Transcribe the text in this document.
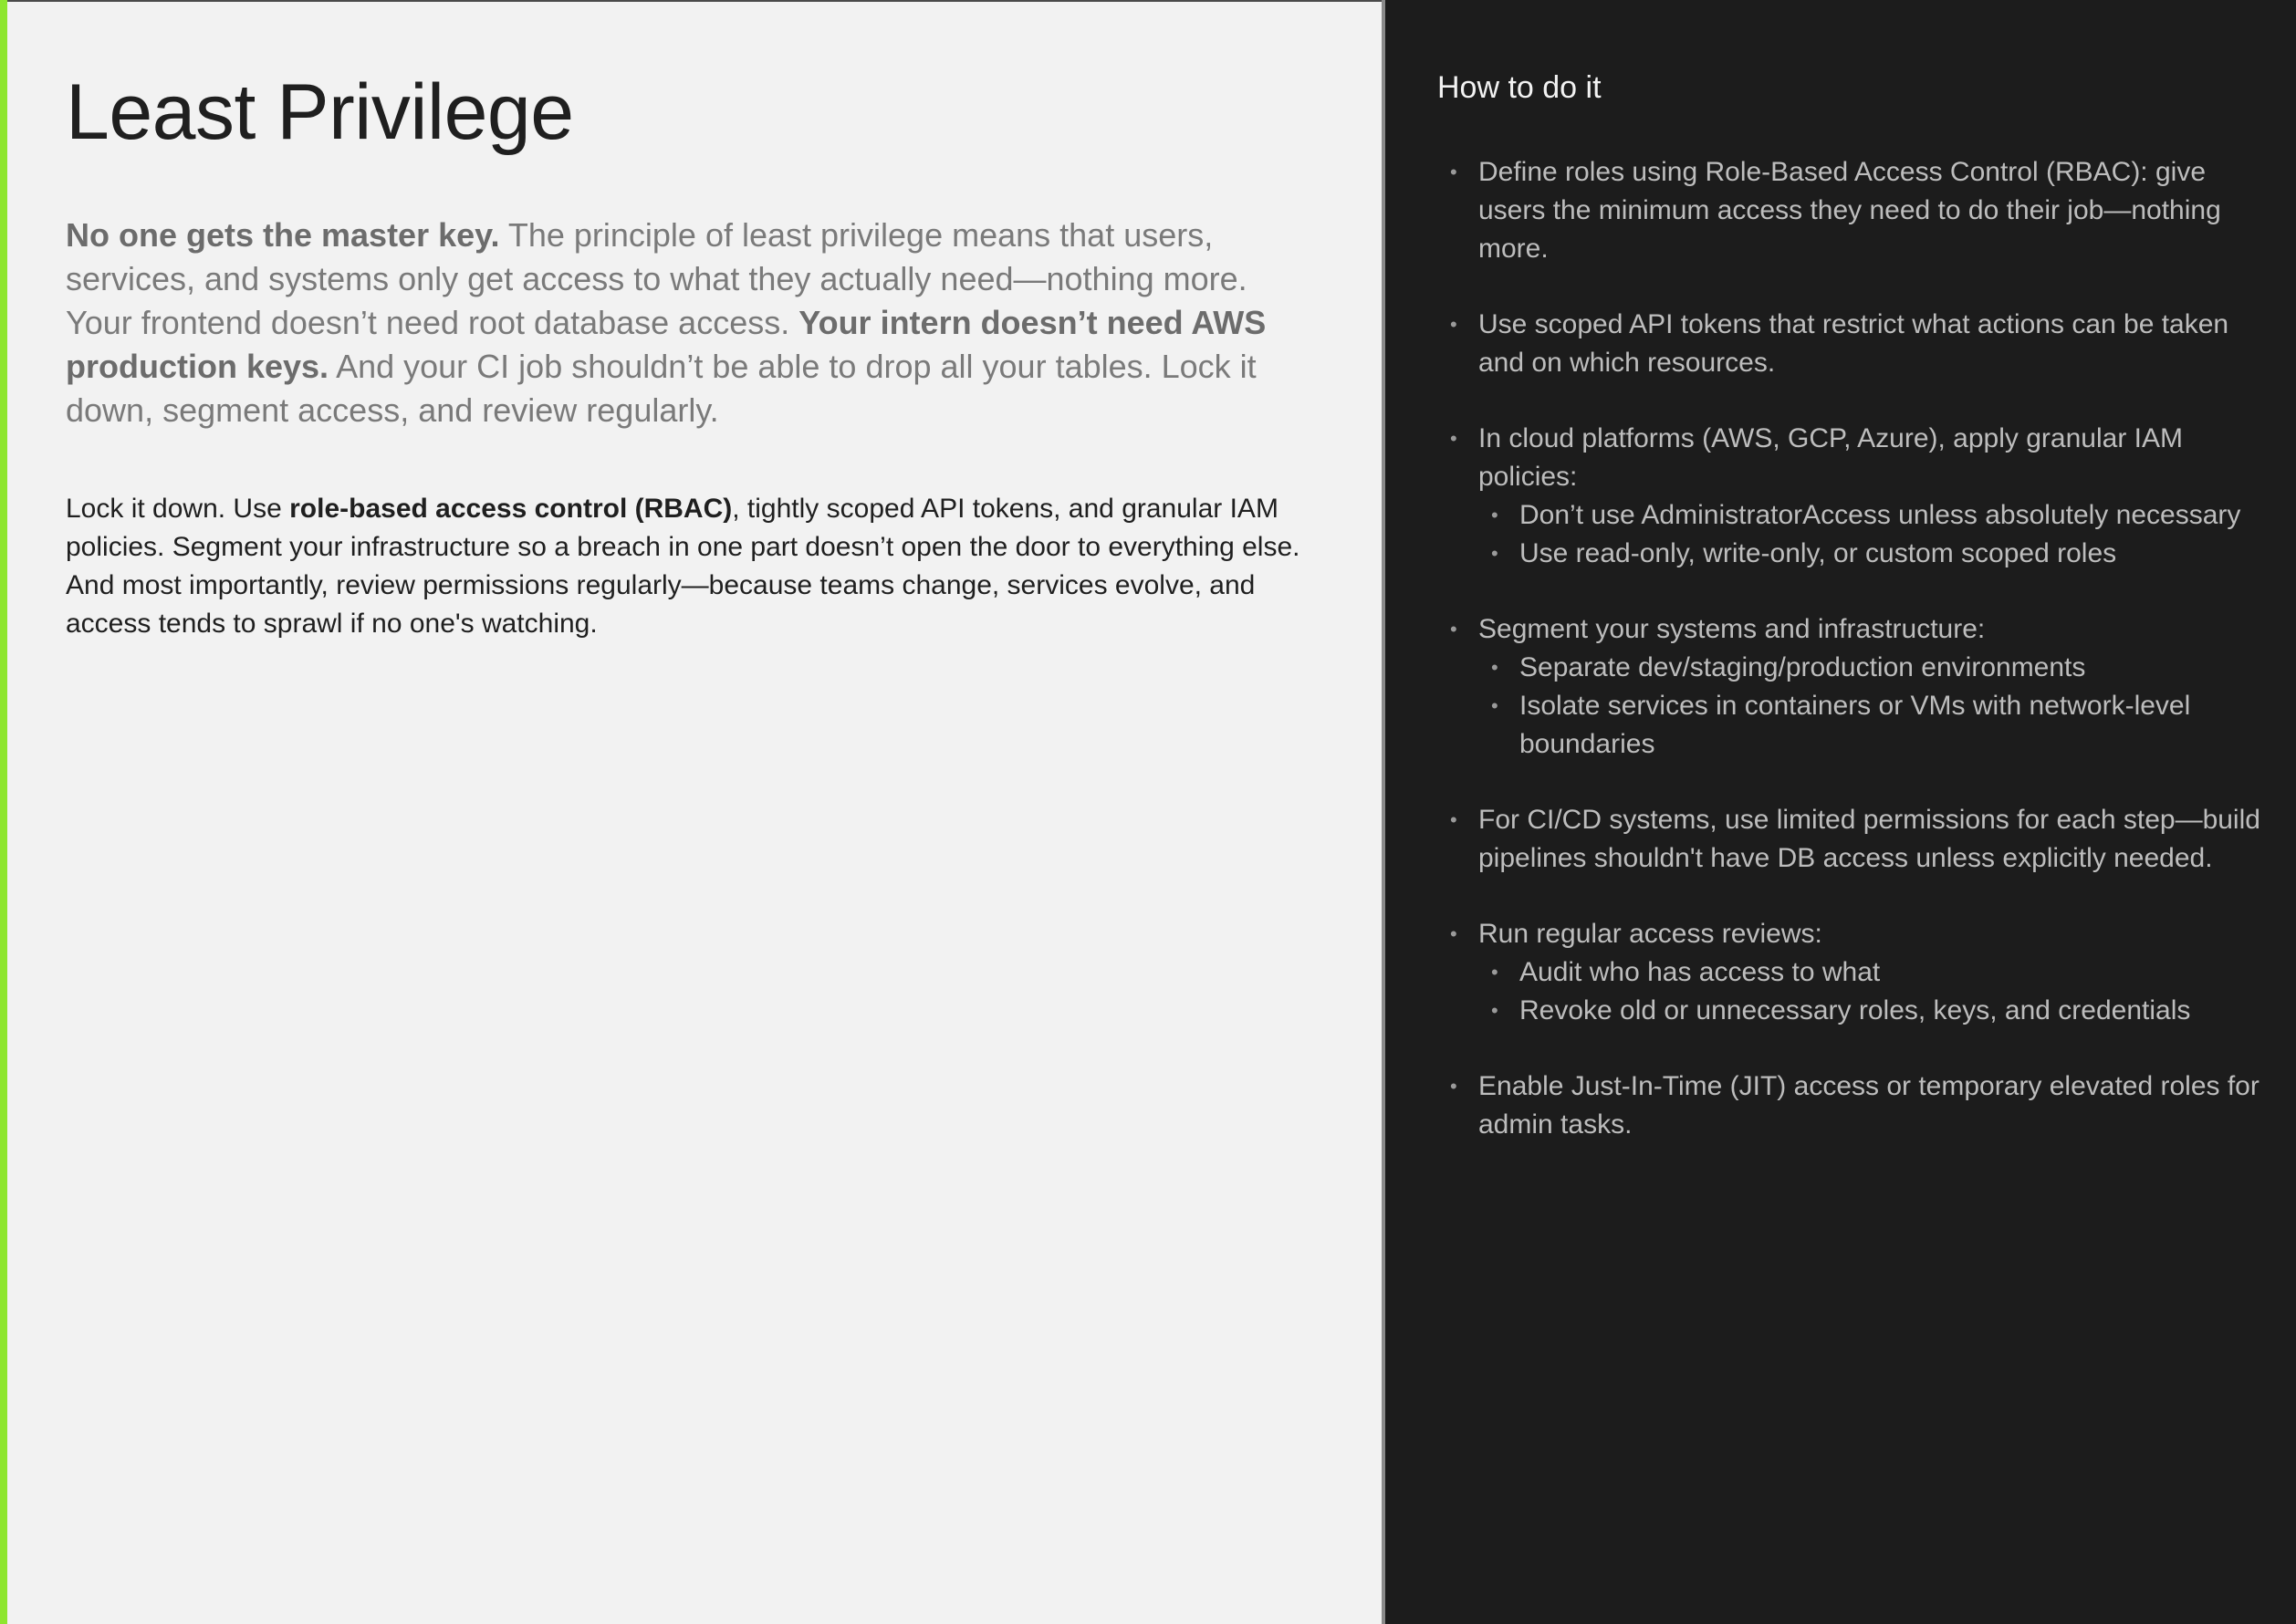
Least Privilege

No one gets the master key. The principle of least privilege means that users, services, and systems only get access to what they actually need—nothing more. Your frontend doesn’t need root database access. Your intern doesn’t need AWS production keys. And your CI job shouldn’t be able to drop all your tables. Lock it down, segment access, and review regularly.

Lock it down. Use role-based access control (RBAC), tightly scoped API tokens, and granular IAM policies. Segment your infrastructure so a breach in one part doesn’t open the door to everything else. And most importantly, review permissions regularly—because teams change, services evolve, and access tends to sprawl if no one's watching.

How to do it
• Define roles using Role-Based Access Control (RBAC): give users the minimum access they need to do their job—nothing more.
• Use scoped API tokens that restrict what actions can be taken and on which resources.
• In cloud platforms (AWS, GCP, Azure), apply granular IAM policies:
• Don’t use AdministratorAccess unless absolutely necessary
• Use read-only, write-only, or custom scoped roles
• Segment your systems and infrastructure:
• Separate dev/staging/production environments
• Isolate services in containers or VMs with network-level boundaries
• For CI/CD systems, use limited permissions for each step—build pipelines shouldn't have DB access unless explicitly needed.
• Run regular access reviews:
• Audit who has access to what
• Revoke old or unnecessary roles, keys, and credentials
• Enable Just-In-Time (JIT) access or temporary elevated roles for admin tasks.
